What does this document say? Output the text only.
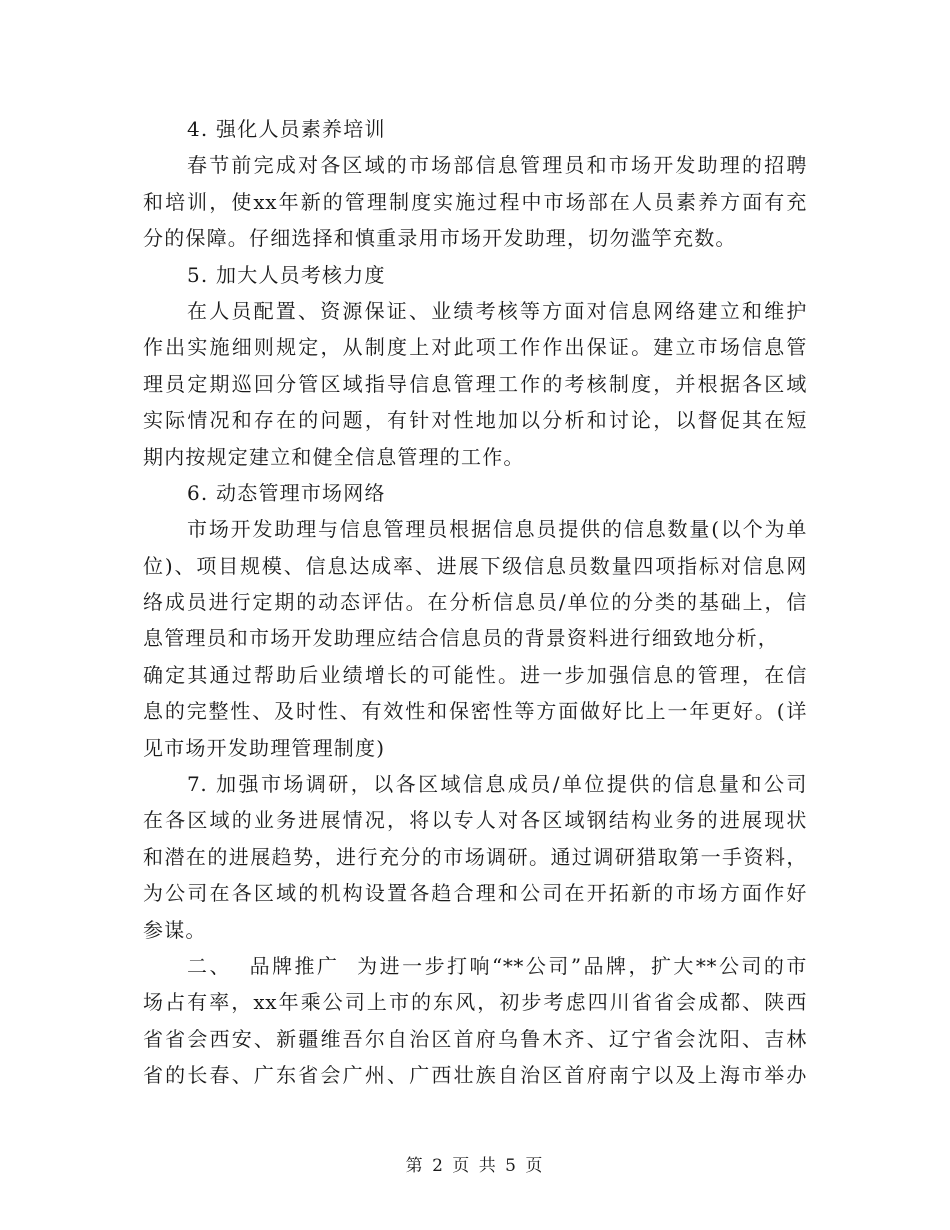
4. 强化人员素养培训
春节前完成对各区域的市场部信息管理员和市场开发助理的招聘
和培训，使xx年新的管理制度实施过程中市场部在人员素养方面有充
分的保障。仔细选择和慎重录用市场开发助理，切勿滥竽充数。
5. 加大人员考核力度
在人员配置、资源保证、业绩考核等方面对信息网络建立和维护
作出实施细则规定，从制度上对此项工作作出保证。建立市场信息管
理员定期巡回分管区域指导信息管理工作的考核制度，并根据各区域
实际情况和存在的问题，有针对性地加以分析和讨论，以督促其在短
期内按规定建立和健全信息管理的工作。
6. 动态管理市场网络
市场开发助理与信息管理员根据信息员提供的信息数量(以个为单
位)、项目规模、信息达成率、进展下级信息员数量四项指标对信息网
络成员进行定期的动态评估。在分析信息员/单位的分类的基础上，信
息管理员和市场开发助理应结合信息员的背景资料进行细致地分析，
确定其通过帮助后业绩增长的可能性。进一步加强信息的管理，在信
息的完整性、及时性、有效性和保密性等方面做好比上一年更好。(详
见市场开发助理管理制度)
7. 加强市场调研，以各区域信息成员/单位提供的信息量和公司
在各区域的业务进展情况，将以专人对各区域钢结构业务的进展现状
和潜在的进展趋势，进行充分的市场调研。通过调研猎取第一手资料，
为公司在各区域的机构设置各趋合理和公司在开拓新的市场方面作好
参谋。
二、  品牌推广  为进一步打响“**公司”品牌，扩大**公司的市
场占有率，xx年乘公司上市的东风，初步考虑四川省省会成都、陕西
省省会西安、新疆维吾尔自治区首府乌鲁木齐、辽宁省会沈阳、吉林
省的长春、广东省会广州、广西壮族自治区首府南宁以及上海市举办
第 2 页 共 5 页
